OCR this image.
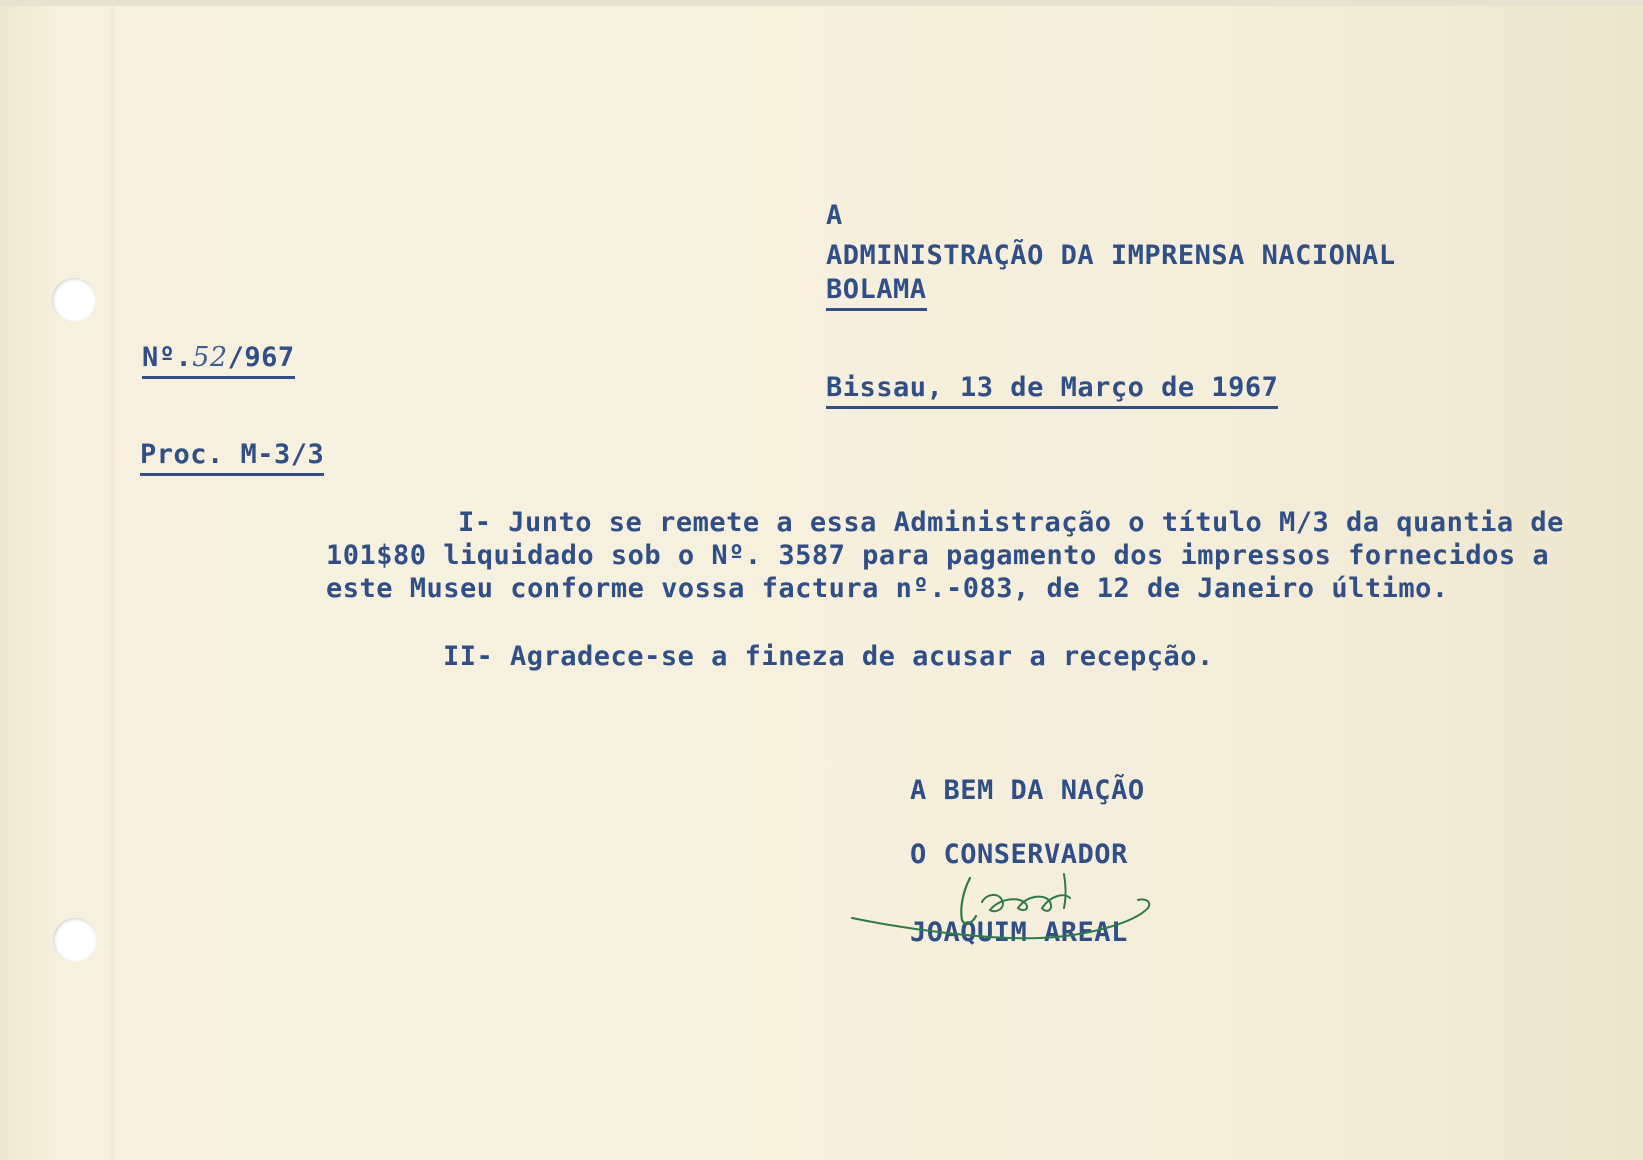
A
ADMINISTRAÇÃO DA IMPRENSA NACIONAL
BOLAMA
Nº.52/967
Bissau, 13 de Março de 1967
Proc. M-3/3
I- Junto se remete a essa Administração o título M/3 da quantia de
101$80 liquidado sob o Nº. 3587 para pagamento dos impressos fornecidos a
este Museu conforme vossa factura nº.-083, de 12 de Janeiro último.
II- Agradece-se a fineza de acusar a recepção.
A BEM DA NAÇÃO
O CONSERVADOR
JOAQUIM AREAL
